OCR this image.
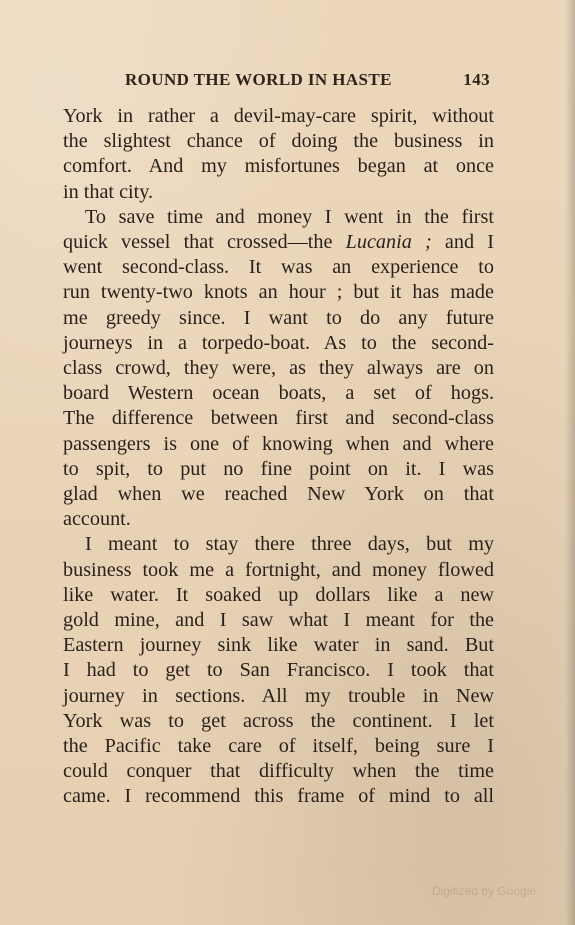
ROUND THE WORLD IN HASTE	143
York in rather a devil-may-care spirit, without
the slightest chance of doing the business in
comfort. And my misfortunes began at once
in that city.
To save time and money I went in the first
quick vessel that crossed—the Lucania ; and I
went second-class. It was an experience to
run twenty-two knots an hour ; but it has made
me greedy since. I want to do any future
journeys in a torpedo-boat. As to the second-
class crowd, they were, as they always are on
board Western ocean boats, a set of hogs.
The difference between first and second-class
passengers is one of knowing when and where
to spit, to put no fine point on it. I was
glad when we reached New York on that
account.
I meant to stay there three days, but my
business took me a fortnight, and money flowed
like water. It soaked up dollars like a new
gold mine, and I saw what I meant for the
Eastern journey sink like water in sand. But
I had to get to San Francisco. I took that
journey in sections. All my trouble in New
York was to get across the continent. I let
the Pacific take care of itself, being sure I
could conquer that difficulty when the time
came. I recommend this frame of mind to all
Digitized by Google
